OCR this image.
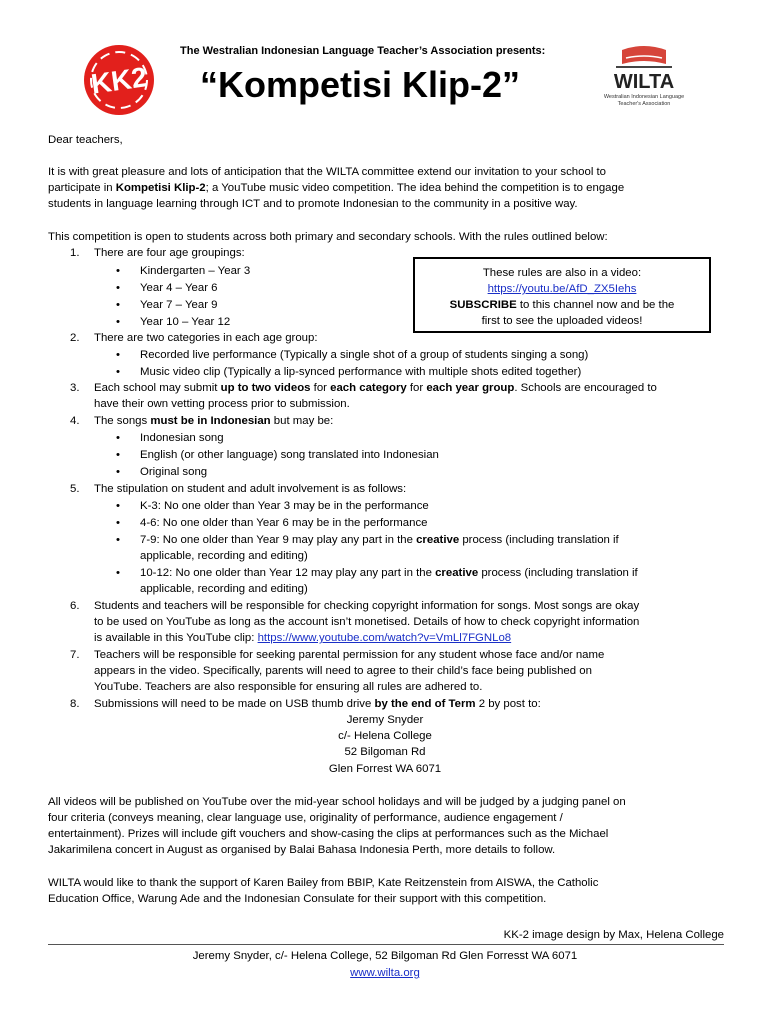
KK2
The Westralian Indonesian Language Teacher’s Association presents:
“Kompetisi Klip-2”	WILTA
Westralian Indonesian Language
Teacher's Association
Dear teachers,
It is with great pleasure and lots of anticipation that the WILTA committee extend our invitation to your school to
participate in Kompetisi Klip-2; a YouTube music video competition. The idea behind the competition is to engage
students in language learning through ICT and to promote Indonesian to the community in a positive way.
This competition is open to students across both primary and secondary schools. With the rules outlined below:
1. There are four age groupings:
• Kindergarten – Year 3
• Year 4 – Year 6
• Year 7 – Year 9
• Year 10 – Year 12
These rules are also in a video:
https://youtu.be/AfD_ZX5Iehs
SUBSCRIBE to this channel now and be the
first to see the uploaded videos!
2. There are two categories in each age group:
• Recorded live performance (Typically a single shot of a group of students singing a song)
• Music video clip (Typically a lip-synced performance with multiple shots edited together)
3. Each school may submit up to two videos for each category for each year group. Schools are encouraged to
have their own vetting process prior to submission.
4. The songs must be in Indonesian but may be:
• Indonesian song
• English (or other language) song translated into Indonesian
• Original song
5. The stipulation on student and adult involvement is as follows:
• K-3: No one older than Year 3 may be in the performance
• 4-6: No one older than Year 6 may be in the performance
• 7-9: No one older than Year 9 may play any part in the creative process (including translation if
applicable, recording and editing)
• 10-12: No one older than Year 12 may play any part in the creative process (including translation if
applicable, recording and editing)
6. Students and teachers will be responsible for checking copyright information for songs. Most songs are okay
to be used on YouTube as long as the account isn’t monetised. Details of how to check copyright information
is available in this YouTube clip: https://www.youtube.com/watch?v=VmLl7FGNLo8
7. Teachers will be responsible for seeking parental permission for any student whose face and/or name
appears in the video. Specifically, parents will need to agree to their child’s face being published on
YouTube. Teachers are also responsible for ensuring all rules are adhered to.
8. Submissions will need to be made on USB thumb drive by the end of Term 2 by post to:
Jeremy Snyder
c/- Helena College
52 Bilgoman Rd
Glen Forrest WA 6071
All videos will be published on YouTube over the mid-year school holidays and will be judged by a judging panel on
four criteria (conveys meaning, clear language use, originality of performance, audience engagement /
entertainment). Prizes will include gift vouchers and show-casing the clips at performances such as the Michael
Jakarimilena concert in August as organised by Balai Bahasa Indonesia Perth, more details to follow.
WILTA would like to thank the support of Karen Bailey from BBIP, Kate Reitzenstein from AISWA, the Catholic
Education Office, Warung Ade and the Indonesian Consulate for their support with this competition.
KK-2 image design by Max, Helena College
Jeremy Snyder, c/- Helena College, 52 Bilgoman Rd Glen Forresst WA 6071
www.wilta.org
